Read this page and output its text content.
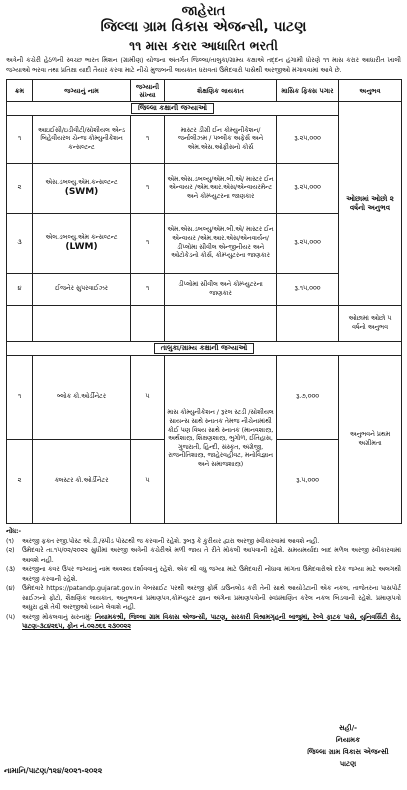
જાહેરાત
જિલ્લા ગ્રામ વિકાસ એજન્સી, પાટણ
૧૧ માસ કરાર આધારિત ભરતી
અત્રેની કચેરી હેઠળની સ્વચ્છ ભારત મિશન (ગ્રામીણ) યોજના અંતર્ગત જિલ્લા/તાલુકા/ગ્રામ્ય કક્ષાએ તદ્દન હંગામી ધોરણે ૧૧ માસ કરાર આધારીત ખાલી જગ્યાઓ ભરવા તથા પ્રતિક્ષા યાદી તૈયાર કરવા માટે નીચે મુજબની લાયકાત ધરાવતાં ઉમેદવારો પાસેથી અરજીઓ મંગાવવામાં આવે છે.
ક્રમ	જગ્યાનું નામ	જગ્યાની સંખ્યા	શૈક્ષણિક લાયકાત	માસિક ફિક્સ પગાર	અનુભવ
જિલ્લા કક્ષાની જગ્યાઓ					ઓછામાં ઓછો ૨ વર્ષનો અનુભવ
૧	આઇઈસી/ઇડીવીટી/સોશીયલ એન્ડ બિહેવીયરલ ચેન્જ કોમ્યુનીકેશન કન્સલ્ટન્ટ	૧	માસ્ટર ડીગ્રી ઈન કોમ્યુનીકેશન/ જર્નાલીઝમ / પબ્લીક અફેર્સ અને એમ.એસ.ઓફીસનો કોર્સ	રૂ.૨૫,૦૦૦	
૨	એસ.ડબલ્યુ.એમ.કન્સલ્ટન્ટ
(SWM)	૧	એમ.એસ.ડબલ્યુ/એમ.બી.એ/ માસ્ટર ઈન એન્વાયર /એમ.આર.એસ/એન્વાયરમેન્ટ અને કોમ્પ્યુટરના જાણકાર	રૂ.૨૫,૦૦૦	
૩	એલ.ડબલ્યુ.એમ કન્સલ્ટન્ટ
(LWM)	૧	એમ.એસ.ડબલ્યુ/એમ.બી.એ/ માસ્ટર ઈન એન્વાયર /એમ.આર.એસ/એનવાર્યન/ ડીપ્લોમા સીવીલ એન્જીનીયર અને ઓટોકેડનો કોર્સ, કોમ્પ્યુટરના જાણકાર	રૂ.૨૫,૦૦૦	
૪	ઈજનેર સુપરવાઈઝર	૧	ડીપ્લોમાં સીવીલ અને કોમ્પ્યુટરના જાણકાર	રૂ.૧૫,૦૦૦	
					ઓછામાં ઓછો ૫ વર્ષનો અનુભવ
તાલુકા/ગ્રામ્ય કક્ષાની જગ્યાઓ					
૧	બ્લોક કો.ઓર્ડીનેટર	૫	માસ કોમ્યુનીકેશન / રૂરલ સ્ટડી /સોશીયલ સાયન્સ સાથે સ્નાતક તેમજ નીચેનામાંથી કોઈ પણ વિષય સાથે સ્નાતક (માનવશાસ્ત્ર, અર્થશાસ્ત્ર, શિક્ષણશાસ્ત્ર, ભુગોળ, ઈતિહાસ, ગુજરાતી, હિન્દી, સંસ્કૃત, અંગ્રેજી, રાજનીતિશાસ્ત્ર, જાહેરવહીવટ, મનોવિજ્ઞાન અને સમાજશાસ્ત્ર)	રૂ.૭,૦૦૦	અનુભવને પ્રથમ અગ્રીમતા
૨	ક્લસ્ટર કો.ઓર્ડીનેટર	૫		રૂ.૫,૦૦૦	
નોંધ:-
(૧)	અરજી ફક્ત રજી.પોસ્ટ એ.ડી./સ્પીડ પોસ્ટથી જ કરવાની રહેશે. રૂબરૂ કે કુરીયર દ્વારા અરજી સ્વીકારવામાં આવશે નહી.
(૨)	ઉમેદવારે તા.૧૫/૦૨/૨૦૨૨ સુધીમાં અરજી અત્રેની કચેરીએ મળી જાય તે રીતે મોકલી આપવાની રહેશે. સમયમર્યાદા બાદ મળેલ અરજી સ્વીકારવામાં આવશે નહી.
(૩)	અરજીના કવર ઉપર જગ્યાનું નામ અવશ્ય દર્શાવવાનું રહેશે. એક થી વધુ જગ્યા માટે ઉમેદવારી નોંધાવા માંગતા ઉમેદવારોએ દરેક જગ્યા માટે અલગથી અરજી કરવાની રહેશે.
(૪)	ઉમેદવારે https://patandp.gujarat.gov.in વેબસાઈટ પરથી અરજી ફોર્મ ડાઉનલોડ કરી તેની સાથે આયોડેટાની એક નકલ, તાજેતરના પાસપોર્ટ સાઈઝનો ફોટો, શૈક્ષણિક લાયકાત, અનુભવનાં પ્રમાણપત્ર,કોમ્પ્યુટર જ્ઞાન અંગેના પ્રમાણપત્રોની સ્વપ્રમાણિત કરેલ નકલ બિડવાની રહેશે. પ્રમાણપત્રો અધુરા હશે તેવી અરજીઓ ધ્યાને લેવાશે નહી.
(૫)	અરજી મોકલવાનું સરનામું: નિયામકશ્રી, જિલ્લા ગ્રામ વિકાસ એજન્સી, પાટણ, સરકારી વિશ્રામગૃહની બાજુમાં, રેલ્વે ફાટક પાસે, યુનિવર્સિટી રોડ, પાટણ-૩૮૪૨૬૫, ફોન નં.૦૨૭૬૬ ૨૩૦૦૨૨
સહી/-
નિયામક
જિલ્લા ગ્રામ વિકાસ એજન્સી
પાટણ
નામાનિ/પાટણ/૧૨૪/૨૦૨૧-૨૦૨૨
